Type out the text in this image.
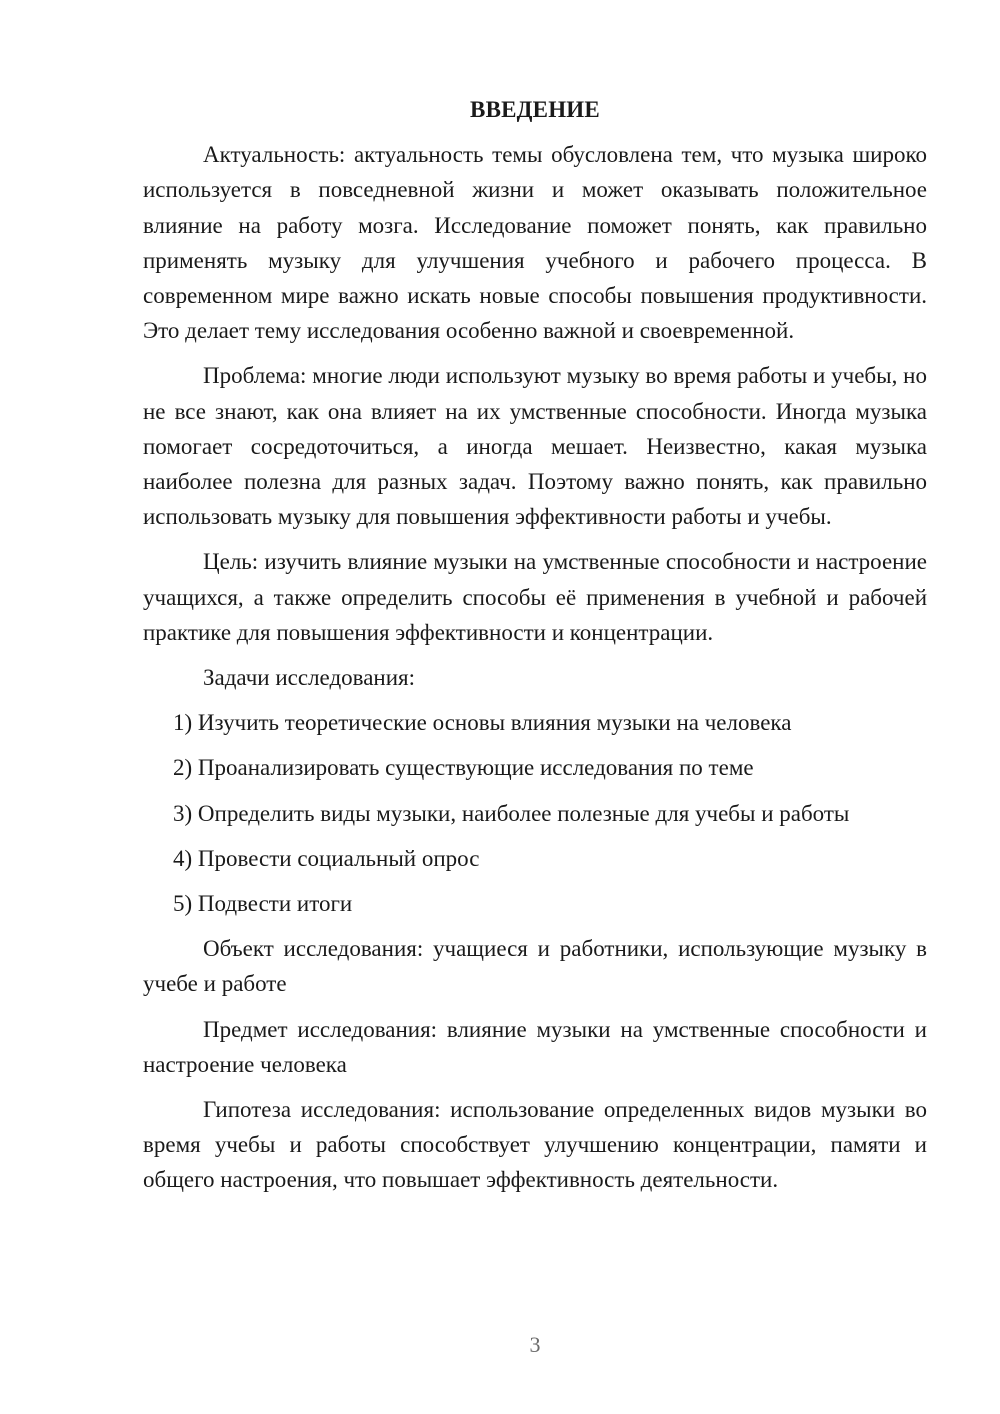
ВВЕДЕНИЕ

Актуальность: актуальность темы обусловлена тем, что музыка широко используется в повседневной жизни и может оказывать положительное влияние на работу мозга. Исследование поможет понять, как правильно применять музыку для улучшения учебного и рабочего процесса. В современном мире важно искать новые способы повышения продуктивности. Это делает тему исследования особенно важной и своевременной.

Проблема: многие люди используют музыку во время работы и учебы, но не все знают, как она влияет на их умственные способности. Иногда музыка помогает сосредоточиться, а иногда мешает. Неизвестно, какая музыка наиболее полезна для разных задач. Поэтому важно понять, как правильно использовать музыку для повышения эффективности работы и учебы.

Цель: изучить влияние музыки на умственные способности и настроение учащихся, а также определить способы её применения в учебной и рабочей практике для повышения эффективности и концентрации.

Задачи исследования:
1) Изучить теоретические основы влияния музыки на человека
2) Проанализировать существующие исследования по теме
3) Определить виды музыки, наиболее полезные для учебы и работы
4) Провести социальный опрос
5) Подвести итоги

Объект исследования: учащиеся и работники, использующие музыку в учебе и работе

Предмет исследования: влияние музыки на умственные способности и настроение человека

Гипотеза исследования: использование определенных видов музыки во время учебы и работы способствует улучшению концентрации, памяти и общего настроения, что повышает эффективность деятельности.

3
